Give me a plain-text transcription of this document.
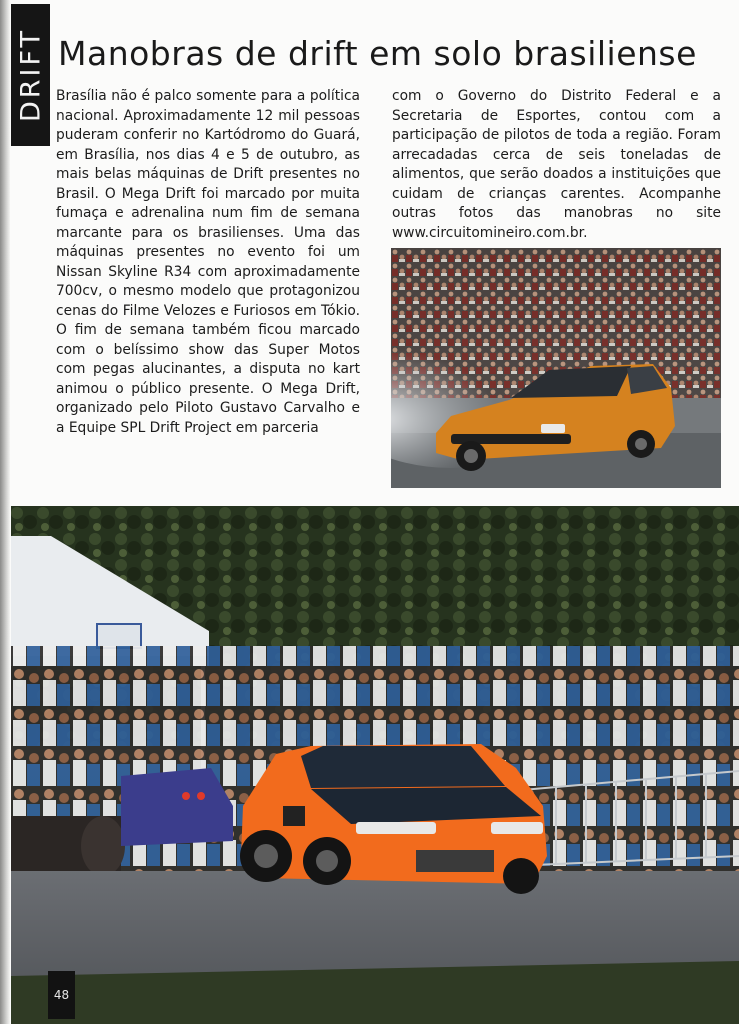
DRIFT Manobras de drift em solo brasiliense
Brasília não é palco somente para a política nacional. Aproximadamente 12 mil pessoas puderam conferir no Kartódromo do Guará, em Brasília, nos dias 4 e 5 de outubro, as mais belas máquinas de Drift presentes no Brasil. O Mega Drift foi marcado por muita fumaça e adrenalina num fim de semana marcante para os brasilienses. Uma das máquinas presentes no evento foi um Nissan Skyline R34 com aproximadamente 700cv, o mesmo modelo que protagonizou cenas do Filme Velozes e Furiosos em Tókio. O fim de semana também ficou marcado com o belíssimo show das Super Motos com pegas alucinantes, a disputa no kart animou o público presente. O Mega Drift, organizado pelo Piloto Gustavo Carvalho e a Equipe SPL Drift Project em parceria
com o Governo do Distrito Federal e a Secretaria de Esportes, contou com a participação de pilotos de toda a região. Foram arrecadadas cerca de seis toneladas de alimentos, que serão doados a instituições que cuidam de crianças carentes. Acompanhe outras fotos das manobras no site www.circuitomineiro.com.br.
48
